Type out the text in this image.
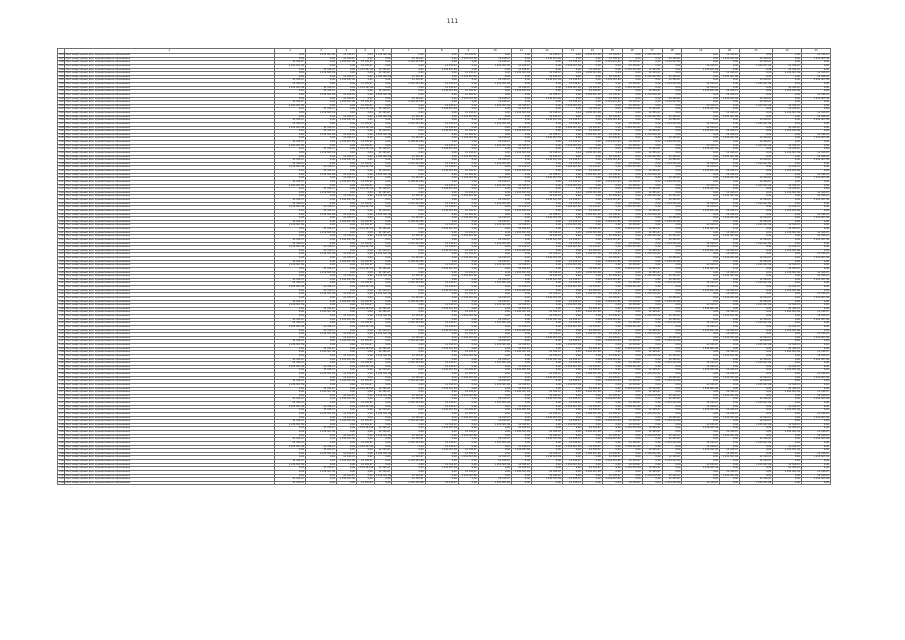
111
	1	2	3	4	5	6	7	8	9	10	11	12	13	14	15	16	17	18	19	20	21	22	23
4078	Многоквартирный дом, муниципальное образование	0,00	1 234 567,89	12 345,67	0,00	1 234 567,89	0,00	0,00	12 345,67	0,00	0,00	12 345,67	0,00	1 234 567,89	12 345,67	0,00	1 234 567,89	0,00	0,00	12 345,67	0,00	0,00	12 345,67
4079	Многоквартирный дом, муниципальное образование	0,00	0,00	12 345,67	0,00	0,00	12 345,67	0,00	1 234 567,89	12 345,67	0,00	1 234 567,89	0,00	0,00	12 345,67	0,00	0,00	12 345,67	0,00	1 234 567,89	12 345,67	0,00	1 234 567,89
4080	Многоквартирный дом, муниципальное образование	12 345,67	0,00	1 234 567,89	12 345,67	0,00	1 234 567,89	0,00	0,00	12 345,67	0,00	0,00	12 345,67	0,00	1 234 567,89	12 345,67	0,00	1 234 567,89	0,00	0,00	12 345,67	0,00	0,00
4081	Многоквартирный дом, муниципальное образование	1 234 567,89	0,00	0,00	12 345,67	0,00	0,00	12 345,67	0,00	1 234 567,89	12 345,67	0,00	1 234 567,89	0,00	0,00	12 345,67	0,00	0,00	12 345,67	0,00	1 234 567,89	12 345,67	0,00
4082	Многоквартирный дом, муниципальное образование	0,00	12 345,67	0,00	1 234 567,89	12 345,67	0,00	1 234 567,89	0,00	0,00	12 345,67	0,00	0,00	12 345,67	0,00	1 234 567,89	12 345,67	0,00	1 234 567,89	0,00	0,00	12 345,67	0,00
4083	Многоквартирный дом, муниципальное образование	0,00	1 234 567,89	0,00	0,00	12 345,67	0,00	0,00	12 345,67	0,00	1 234 567,89	12 345,67	0,00	1 234 567,89	0,00	0,00	12 345,67	0,00	0,00	12 345,67	0,00	1 234 567,89	12 345,67
4084	Многоквартирный дом, муниципальное образование	0,00	0,00	12 345,67	0,00	1 234 567,89	12 345,67	0,00	1 234 567,89	0,00	0,00	12 345,67	0,00	0,00	12 345,67	0,00	1 234 567,89	12 345,67	0,00	1 234 567,89	0,00	0,00	12 345,67
4085	Многоквартирный дом, муниципальное образование	12 345,67	0,00	1 234 567,89	0,00	0,00	12 345,67	0,00	0,00	12 345,67	0,00	1 234 567,89	12 345,67	0,00	1 234 567,89	0,00	0,00	12 345,67	0,00	0,00	12 345,67	0,00	1 234 567,89
4086	Многоквартирный дом, муниципальное образование	12 345,67	0,00	0,00	12 345,67	0,00	1 234 567,89	12 345,67	0,00	1 234 567,89	0,00	0,00	12 345,67	0,00	0,00	12 345,67	0,00	1 234 567,89	12 345,67	0,00	1 234 567,89	0,00	0,00
4087	Многоквартирный дом, муниципальное образование	1 234 567,89	12 345,67	0,00	1 234 567,89	0,00	0,00	12 345,67	0,00	0,00	12 345,67	0,00	1 234 567,89	12 345,67	0,00	1 234 567,89	0,00	0,00	12 345,67	0,00	0,00	12 345,67	0,00
4088	Многоквартирный дом, муниципальное образование	0,00	12 345,67	0,00	0,00	12 345,67	0,00	1 234 567,89	12 345,67	0,00	1 234 567,89	0,00	0,00	12 345,67	0,00	0,00	12 345,67	0,00	1 234 567,89	12 345,67	0,00	1 234 567,89	0,00
4089	Многоквартирный дом, муниципальное образование	0,00	1 234 567,89	12 345,67	0,00	1 234 567,89	0,00	0,00	12 345,67	0,00	0,00	12 345,67	0,00	1 234 567,89	12 345,67	0,00	1 234 567,89	0,00	0,00	12 345,67	0,00	0,00	12 345,67
4090	Многоквартирный дом, муниципальное образование	0,00	0,00	12 345,67	0,00	0,00	12 345,67	0,00	1 234 567,89	12 345,67	0,00	1 234 567,89	0,00	0,00	12 345,67	0,00	0,00	12 345,67	0,00	1 234 567,89	12 345,67	0,00	1 234 567,89
4091	Многоквартирный дом, муниципальное образование	12 345,67	0,00	1 234 567,89	12 345,67	0,00	1 234 567,89	0,00	0,00	12 345,67	0,00	0,00	12 345,67	0,00	1 234 567,89	12 345,67	0,00	1 234 567,89	0,00	0,00	12 345,67	0,00	0,00
4092	Многоквартирный дом, муниципальное образование	1 234 567,89	0,00	0,00	12 345,67	0,00	0,00	12 345,67	0,00	1 234 567,89	12 345,67	0,00	1 234 567,89	0,00	0,00	12 345,67	0,00	0,00	12 345,67	0,00	1 234 567,89	12 345,67	0,00
4093	Многоквартирный дом, муниципальное образование	0,00	12 345,67	0,00	1 234 567,89	12 345,67	0,00	1 234 567,89	0,00	0,00	12 345,67	0,00	0,00	12 345,67	0,00	1 234 567,89	12 345,67	0,00	1 234 567,89	0,00	0,00	12 345,67	0,00
4094	Многоквартирный дом, муниципальное образование	0,00	1 234 567,89	0,00	0,00	12 345,67	0,00	0,00	12 345,67	0,00	1 234 567,89	12 345,67	0,00	1 234 567,89	0,00	0,00	12 345,67	0,00	0,00	12 345,67	0,00	1 234 567,89	12 345,67
4095	Многоквартирный дом, муниципальное образование	0,00	0,00	12 345,67	0,00	1 234 567,89	12 345,67	0,00	1 234 567,89	0,00	0,00	12 345,67	0,00	0,00	12 345,67	0,00	1 234 567,89	12 345,67	0,00	1 234 567,89	0,00	0,00	12 345,67
4096	Многоквартирный дом, муниципальное образование	12 345,67	0,00	1 234 567,89	0,00	0,00	12 345,67	0,00	0,00	12 345,67	0,00	1 234 567,89	12 345,67	0,00	1 234 567,89	0,00	0,00	12 345,67	0,00	0,00	12 345,67	0,00	1 234 567,89
4097	Многоквартирный дом, муниципальное образование	12 345,67	0,00	0,00	12 345,67	0,00	1 234 567,89	12 345,67	0,00	1 234 567,89	0,00	0,00	12 345,67	0,00	0,00	12 345,67	0,00	1 234 567,89	12 345,67	0,00	1 234 567,89	0,00	0,00
4098	Многоквартирный дом, муниципальное образование	1 234 567,89	12 345,67	0,00	1 234 567,89	0,00	0,00	12 345,67	0,00	0,00	12 345,67	0,00	1 234 567,89	12 345,67	0,00	1 234 567,89	0,00	0,00	12 345,67	0,00	0,00	12 345,67	0,00
4099	Многоквартирный дом, муниципальное образование	0,00	12 345,67	0,00	0,00	12 345,67	0,00	1 234 567,89	12 345,67	0,00	1 234 567,89	0,00	0,00	12 345,67	0,00	0,00	12 345,67	0,00	1 234 567,89	12 345,67	0,00	1 234 567,89	0,00
4100	Многоквартирный дом, муниципальное образование	0,00	1 234 567,89	12 345,67	0,00	1 234 567,89	0,00	0,00	12 345,67	0,00	0,00	12 345,67	0,00	1 234 567,89	12 345,67	0,00	1 234 567,89	0,00	0,00	12 345,67	0,00	0,00	12 345,67
4101	Многоквартирный дом, муниципальное образование	0,00	0,00	12 345,67	0,00	0,00	12 345,67	0,00	1 234 567,89	12 345,67	0,00	1 234 567,89	0,00	0,00	12 345,67	0,00	0,00	12 345,67	0,00	1 234 567,89	12 345,67	0,00	1 234 567,89
4102	Многоквартирный дом, муниципальное образование	12 345,67	0,00	1 234 567,89	12 345,67	0,00	1 234 567,89	0,00	0,00	12 345,67	0,00	0,00	12 345,67	0,00	1 234 567,89	12 345,67	0,00	1 234 567,89	0,00	0,00	12 345,67	0,00	0,00
4103	Многоквартирный дом, муниципальное образование	1 234 567,89	0,00	0,00	12 345,67	0,00	0,00	12 345,67	0,00	1 234 567,89	12 345,67	0,00	1 234 567,89	0,00	0,00	12 345,67	0,00	0,00	12 345,67	0,00	1 234 567,89	12 345,67	0,00
4104	Многоквартирный дом, муниципальное образование	0,00	12 345,67	0,00	1 234 567,89	12 345,67	0,00	1 234 567,89	0,00	0,00	12 345,67	0,00	0,00	12 345,67	0,00	1 234 567,89	12 345,67	0,00	1 234 567,89	0,00	0,00	12 345,67	0,00
4105	Многоквартирный дом, муниципальное образование	0,00	1 234 567,89	0,00	0,00	12 345,67	0,00	0,00	12 345,67	0,00	1 234 567,89	12 345,67	0,00	1 234 567,89	0,00	0,00	12 345,67	0,00	0,00	12 345,67	0,00	1 234 567,89	12 345,67
4106	Многоквартирный дом, муниципальное образование	0,00	0,00	12 345,67	0,00	1 234 567,89	12 345,67	0,00	1 234 567,89	0,00	0,00	12 345,67	0,00	0,00	12 345,67	0,00	1 234 567,89	12 345,67	0,00	1 234 567,89	0,00	0,00	12 345,67
4107	Многоквартирный дом, муниципальное образование	12 345,67	0,00	1 234 567,89	0,00	0,00	12 345,67	0,00	0,00	12 345,67	0,00	1 234 567,89	12 345,67	0,00	1 234 567,89	0,00	0,00	12 345,67	0,00	0,00	12 345,67	0,00	1 234 567,89
4108	Многоквартирный дом, муниципальное образование	12 345,67	0,00	0,00	12 345,67	0,00	1 234 567,89	12 345,67	0,00	1 234 567,89	0,00	0,00	12 345,67	0,00	0,00	12 345,67	0,00	1 234 567,89	12 345,67	0,00	1 234 567,89	0,00	0,00
4109	Многоквартирный дом, муниципальное образование	1 234 567,89	12 345,67	0,00	1 234 567,89	0,00	0,00	12 345,67	0,00	0,00	12 345,67	0,00	1 234 567,89	12 345,67	0,00	1 234 567,89	0,00	0,00	12 345,67	0,00	0,00	12 345,67	0,00
4110	Многоквартирный дом, муниципальное образование	0,00	12 345,67	0,00	0,00	12 345,67	0,00	1 234 567,89	12 345,67	0,00	1 234 567,89	0,00	0,00	12 345,67	0,00	0,00	12 345,67	0,00	1 234 567,89	12 345,67	0,00	1 234 567,89	0,00
4111	Многоквартирный дом, муниципальное образование	0,00	1 234 567,89	12 345,67	0,00	1 234 567,89	0,00	0,00	12 345,67	0,00	0,00	12 345,67	0,00	1 234 567,89	12 345,67	0,00	1 234 567,89	0,00	0,00	12 345,67	0,00	0,00	12 345,67
4112	Многоквартирный дом, муниципальное образование	0,00	0,00	12 345,67	0,00	0,00	12 345,67	0,00	1 234 567,89	12 345,67	0,00	1 234 567,89	0,00	0,00	12 345,67	0,00	0,00	12 345,67	0,00	1 234 567,89	12 345,67	0,00	1 234 567,89
4113	Многоквартирный дом, муниципальное образование	12 345,67	0,00	1 234 567,89	12 345,67	0,00	1 234 567,89	0,00	0,00	12 345,67	0,00	0,00	12 345,67	0,00	1 234 567,89	12 345,67	0,00	1 234 567,89	0,00	0,00	12 345,67	0,00	0,00
4114	Многоквартирный дом, муниципальное образование	1 234 567,89	0,00	0,00	12 345,67	0,00	0,00	12 345,67	0,00	1 234 567,89	12 345,67	0,00	1 234 567,89	0,00	0,00	12 345,67	0,00	0,00	12 345,67	0,00	1 234 567,89	12 345,67	0,00
4115	Многоквартирный дом, муниципальное образование	0,00	12 345,67	0,00	1 234 567,89	12 345,67	0,00	1 234 567,89	0,00	0,00	12 345,67	0,00	0,00	12 345,67	0,00	1 234 567,89	12 345,67	0,00	1 234 567,89	0,00	0,00	12 345,67	0,00
4116	Многоквартирный дом, муниципальное образование	0,00	1 234 567,89	0,00	0,00	12 345,67	0,00	0,00	12 345,67	0,00	1 234 567,89	12 345,67	0,00	1 234 567,89	0,00	0,00	12 345,67	0,00	0,00	12 345,67	0,00	1 234 567,89	12 345,67
4117	Многоквартирный дом, муниципальное образование	0,00	0,00	12 345,67	0,00	1 234 567,89	12 345,67	0,00	1 234 567,89	0,00	0,00	12 345,67	0,00	0,00	12 345,67	0,00	1 234 567,89	12 345,67	0,00	1 234 567,89	0,00	0,00	12 345,67
4118	Многоквартирный дом, муниципальное образование	12 345,67	0,00	1 234 567,89	0,00	0,00	12 345,67	0,00	0,00	12 345,67	0,00	1 234 567,89	12 345,67	0,00	1 234 567,89	0,00	0,00	12 345,67	0,00	0,00	12 345,67	0,00	1 234 567,89
4119	Многоквартирный дом, муниципальное образование	12 345,67	0,00	0,00	12 345,67	0,00	1 234 567,89	12 345,67	0,00	1 234 567,89	0,00	0,00	12 345,67	0,00	0,00	12 345,67	0,00	1 234 567,89	12 345,67	0,00	1 234 567,89	0,00	0,00
4120	Многоквартирный дом, муниципальное образование	1 234 567,89	12 345,67	0,00	1 234 567,89	0,00	0,00	12 345,67	0,00	0,00	12 345,67	0,00	1 234 567,89	12 345,67	0,00	1 234 567,89	0,00	0,00	12 345,67	0,00	0,00	12 345,67	0,00
4121	Многоквартирный дом, муниципальное образование	0,00	12 345,67	0,00	0,00	12 345,67	0,00	1 234 567,89	12 345,67	0,00	1 234 567,89	0,00	0,00	12 345,67	0,00	0,00	12 345,67	0,00	1 234 567,89	12 345,67	0,00	1 234 567,89	0,00
4122	Многоквартирный дом, муниципальное образование	0,00	1 234 567,89	12 345,67	0,00	1 234 567,89	0,00	0,00	12 345,67	0,00	0,00	12 345,67	0,00	1 234 567,89	12 345,67	0,00	1 234 567,89	0,00	0,00	12 345,67	0,00	0,00	12 345,67
4123	Многоквартирный дом, муниципальное образование	0,00	0,00	12 345,67	0,00	0,00	12 345,67	0,00	1 234 567,89	12 345,67	0,00	1 234 567,89	0,00	0,00	12 345,67	0,00	0,00	12 345,67	0,00	1 234 567,89	12 345,67	0,00	1 234 567,89
4124	Многоквартирный дом, муниципальное образование	12 345,67	0,00	1 234 567,89	12 345,67	0,00	1 234 567,89	0,00	0,00	12 345,67	0,00	0,00	12 345,67	0,00	1 234 567,89	12 345,67	0,00	1 234 567,89	0,00	0,00	12 345,67	0,00	0,00
4125	Многоквартирный дом, муниципальное образование	1 234 567,89	0,00	0,00	12 345,67	0,00	0,00	12 345,67	0,00	1 234 567,89	12 345,67	0,00	1 234 567,89	0,00	0,00	12 345,67	0,00	0,00	12 345,67	0,00	1 234 567,89	12 345,67	0,00
4126	Многоквартирный дом, муниципальное образование	0,00	12 345,67	0,00	1 234 567,89	12 345,67	0,00	1 234 567,89	0,00	0,00	12 345,67	0,00	0,00	12 345,67	0,00	1 234 567,89	12 345,67	0,00	1 234 567,89	0,00	0,00	12 345,67	0,00
4127	Многоквартирный дом, муниципальное образование	0,00	1 234 567,89	0,00	0,00	12 345,67	0,00	0,00	12 345,67	0,00	1 234 567,89	12 345,67	0,00	1 234 567,89	0,00	0,00	12 345,67	0,00	0,00	12 345,67	0,00	1 234 567,89	12 345,67
4128	Многоквартирный дом, муниципальное образование	0,00	0,00	12 345,67	0,00	1 234 567,89	12 345,67	0,00	1 234 567,89	0,00	0,00	12 345,67	0,00	0,00	12 345,67	0,00	1 234 567,89	12 345,67	0,00	1 234 567,89	0,00	0,00	12 345,67
4129	Многоквартирный дом, муниципальное образование	12 345,67	0,00	1 234 567,89	0,00	0,00	12 345,67	0,00	0,00	12 345,67	0,00	1 234 567,89	12 345,67	0,00	1 234 567,89	0,00	0,00	12 345,67	0,00	0,00	12 345,67	0,00	1 234 567,89
4130	Многоквартирный дом, муниципальное образование	12 345,67	0,00	0,00	12 345,67	0,00	1 234 567,89	12 345,67	0,00	1 234 567,89	0,00	0,00	12 345,67	0,00	0,00	12 345,67	0,00	1 234 567,89	12 345,67	0,00	1 234 567,89	0,00	0,00
4131	Многоквартирный дом, муниципальное образование	1 234 567,89	12 345,67	0,00	1 234 567,89	0,00	0,00	12 345,67	0,00	0,00	12 345,67	0,00	1 234 567,89	12 345,67	0,00	1 234 567,89	0,00	0,00	12 345,67	0,00	0,00	12 345,67	0,00
4132	Многоквартирный дом, муниципальное образование	0,00	12 345,67	0,00	0,00	12 345,67	0,00	1 234 567,89	12 345,67	0,00	1 234 567,89	0,00	0,00	12 345,67	0,00	0,00	12 345,67	0,00	1 234 567,89	12 345,67	0,00	1 234 567,89	0,00
4133	Многоквартирный дом, муниципальное образование	0,00	1 234 567,89	12 345,67	0,00	1 234 567,89	0,00	0,00	12 345,67	0,00	0,00	12 345,67	0,00	1 234 567,89	12 345,67	0,00	1 234 567,89	0,00	0,00	12 345,67	0,00	0,00	12 345,67
4134	Многоквартирный дом, муниципальное образование	0,00	0,00	12 345,67	0,00	0,00	12 345,67	0,00	1 234 567,89	12 345,67	0,00	1 234 567,89	0,00	0,00	12 345,67	0,00	0,00	12 345,67	0,00	1 234 567,89	12 345,67	0,00	1 234 567,89
4135	Многоквартирный дом, муниципальное образование	12 345,67	0,00	1 234 567,89	12 345,67	0,00	1 234 567,89	0,00	0,00	12 345,67	0,00	0,00	12 345,67	0,00	1 234 567,89	12 345,67	0,00	1 234 567,89	0,00	0,00	12 345,67	0,00	0,00
4136	Многоквартирный дом, муниципальное образование	1 234 567,89	0,00	0,00	12 345,67	0,00	0,00	12 345,67	0,00	1 234 567,89	12 345,67	0,00	1 234 567,89	0,00	0,00	12 345,67	0,00	0,00	12 345,67	0,00	1 234 567,89	12 345,67	0,00
4137	Многоквартирный дом, муниципальное образование	0,00	12 345,67	0,00	1 234 567,89	12 345,67	0,00	1 234 567,89	0,00	0,00	12 345,67	0,00	0,00	12 345,67	0,00	1 234 567,89	12 345,67	0,00	1 234 567,89	0,00	0,00	12 345,67	0,00
4138	Многоквартирный дом, муниципальное образование	0,00	1 234 567,89	0,00	0,00	12 345,67	0,00	0,00	12 345,67	0,00	1 234 567,89	12 345,67	0,00	1 234 567,89	0,00	0,00	12 345,67	0,00	0,00	12 345,67	0,00	1 234 567,89	12 345,67
4139	Многоквартирный дом, муниципальное образование	0,00	0,00	12 345,67	0,00	1 234 567,89	12 345,67	0,00	1 234 567,89	0,00	0,00	12 345,67	0,00	0,00	12 345,67	0,00	1 234 567,89	12 345,67	0,00	1 234 567,89	0,00	0,00	12 345,67
4140	Многоквартирный дом, муниципальное образование	12 345,67	0,00	1 234 567,89	0,00	0,00	12 345,67	0,00	0,00	12 345,67	0,00	1 234 567,89	12 345,67	0,00	1 234 567,89	0,00	0,00	12 345,67	0,00	0,00	12 345,67	0,00	1 234 567,89
4141	Многоквартирный дом, муниципальное образование	12 345,67	0,00	0,00	12 345,67	0,00	1 234 567,89	12 345,67	0,00	1 234 567,89	0,00	0,00	12 345,67	0,00	0,00	12 345,67	0,00	1 234 567,89	12 345,67	0,00	1 234 567,89	0,00	0,00
4142	Многоквартирный дом, муниципальное образование	1 234 567,89	12 345,67	0,00	1 234 567,89	0,00	0,00	12 345,67	0,00	0,00	12 345,67	0,00	1 234 567,89	12 345,67	0,00	1 234 567,89	0,00	0,00	12 345,67	0,00	0,00	12 345,67	0,00
4143	Многоквартирный дом, муниципальное образование	0,00	12 345,67	0,00	0,00	12 345,67	0,00	1 234 567,89	12 345,67	0,00	1 234 567,89	0,00	0,00	12 345,67	0,00	0,00	12 345,67	0,00	1 234 567,89	12 345,67	0,00	1 234 567,89	0,00
4144	Многоквартирный дом, муниципальное образование	0,00	1 234 567,89	12 345,67	0,00	1 234 567,89	0,00	0,00	12 345,67	0,00	0,00	12 345,67	0,00	1 234 567,89	12 345,67	0,00	1 234 567,89	0,00	0,00	12 345,67	0,00	0,00	12 345,67
4145	Многоквартирный дом, муниципальное образование	0,00	0,00	12 345,67	0,00	0,00	12 345,67	0,00	1 234 567,89	12 345,67	0,00	1 234 567,89	0,00	0,00	12 345,67	0,00	0,00	12 345,67	0,00	1 234 567,89	12 345,67	0,00	1 234 567,89
4146	Многоквартирный дом, муниципальное образование	12 345,67	0,00	1 234 567,89	12 345,67	0,00	1 234 567,89	0,00	0,00	12 345,67	0,00	0,00	12 345,67	0,00	1 234 567,89	12 345,67	0,00	1 234 567,89	0,00	0,00	12 345,67	0,00	0,00
4147	Многоквартирный дом, муниципальное образование	1 234 567,89	0,00	0,00	12 345,67	0,00	0,00	12 345,67	0,00	1 234 567,89	12 345,67	0,00	1 234 567,89	0,00	0,00	12 345,67	0,00	0,00	12 345,67	0,00	1 234 567,89	12 345,67	0,00
4148	Многоквартирный дом, муниципальное образование	0,00	12 345,67	0,00	1 234 567,89	12 345,67	0,00	1 234 567,89	0,00	0,00	12 345,67	0,00	0,00	12 345,67	0,00	1 234 567,89	12 345,67	0,00	1 234 567,89	0,00	0,00	12 345,67	0,00
4149	Многоквартирный дом, муниципальное образование	0,00	1 234 567,89	0,00	0,00	12 345,67	0,00	0,00	12 345,67	0,00	1 234 567,89	12 345,67	0,00	1 234 567,89	0,00	0,00	12 345,67	0,00	0,00	12 345,67	0,00	1 234 567,89	12 345,67
4150	Многоквартирный дом, муниципальное образование	0,00	0,00	12 345,67	0,00	1 234 567,89	12 345,67	0,00	1 234 567,89	0,00	0,00	12 345,67	0,00	0,00	12 345,67	0,00	1 234 567,89	12 345,67	0,00	1 234 567,89	0,00	0,00	12 345,67
4151	Многоквартирный дом, муниципальное образование	12 345,67	0,00	1 234 567,89	0,00	0,00	12 345,67	0,00	0,00	12 345,67	0,00	1 234 567,89	12 345,67	0,00	1 234 567,89	0,00	0,00	12 345,67	0,00	0,00	12 345,67	0,00	1 234 567,89
4152	Многоквартирный дом, муниципальное образование	12 345,67	0,00	0,00	12 345,67	0,00	1 234 567,89	12 345,67	0,00	1 234 567,89	0,00	0,00	12 345,67	0,00	0,00	12 345,67	0,00	1 234 567,89	12 345,67	0,00	1 234 567,89	0,00	0,00
4153	Многоквартирный дом, муниципальное образование	1 234 567,89	12 345,67	0,00	1 234 567,89	0,00	0,00	12 345,67	0,00	0,00	12 345,67	0,00	1 234 567,89	12 345,67	0,00	1 234 567,89	0,00	0,00	12 345,67	0,00	0,00	12 345,67	0,00
4154	Многоквартирный дом, муниципальное образование	0,00	12 345,67	0,00	0,00	12 345,67	0,00	1 234 567,89	12 345,67	0,00	1 234 567,89	0,00	0,00	12 345,67	0,00	0,00	12 345,67	0,00	1 234 567,89	12 345,67	0,00	1 234 567,89	0,00
4155	Многоквартирный дом, муниципальное образование	0,00	1 234 567,89	12 345,67	0,00	1 234 567,89	0,00	0,00	12 345,67	0,00	0,00	12 345,67	0,00	1 234 567,89	12 345,67	0,00	1 234 567,89	0,00	0,00	12 345,67	0,00	0,00	12 345,67
4156	Многоквартирный дом, муниципальное образование	0,00	0,00	12 345,67	0,00	0,00	12 345,67	0,00	1 234 567,89	12 345,67	0,00	1 234 567,89	0,00	0,00	12 345,67	0,00	0,00	12 345,67	0,00	1 234 567,89	12 345,67	0,00	1 234 567,89
4157	Многоквартирный дом, муниципальное образование	12 345,67	0,00	1 234 567,89	12 345,67	0,00	1 234 567,89	0,00	0,00	12 345,67	0,00	0,00	12 345,67	0,00	1 234 567,89	12 345,67	0,00	1 234 567,89	0,00	0,00	12 345,67	0,00	0,00
4158	Многоквартирный дом, муниципальное образование	1 234 567,89	0,00	0,00	12 345,67	0,00	0,00	12 345,67	0,00	1 234 567,89	12 345,67	0,00	1 234 567,89	0,00	0,00	12 345,67	0,00	0,00	12 345,67	0,00	1 234 567,89	12 345,67	0,00
4159	Многоквартирный дом, муниципальное образование	0,00	12 345,67	0,00	1 234 567,89	12 345,67	0,00	1 234 567,89	0,00	0,00	12 345,67	0,00	0,00	12 345,67	0,00	1 234 567,89	12 345,67	0,00	1 234 567,89	0,00	0,00	12 345,67	0,00
4160	Многоквартирный дом, муниципальное образование	0,00	1 234 567,89	0,00	0,00	12 345,67	0,00	0,00	12 345,67	0,00	1 234 567,89	12 345,67	0,00	1 234 567,89	0,00	0,00	12 345,67	0,00	0,00	12 345,67	0,00	1 234 567,89	12 345,67
4161	Многоквартирный дом, муниципальное образование	0,00	0,00	12 345,67	0,00	1 234 567,89	12 345,67	0,00	1 234 567,89	0,00	0,00	12 345,67	0,00	0,00	12 345,67	0,00	1 234 567,89	12 345,67	0,00	1 234 567,89	0,00	0,00	12 345,67
4162	Многоквартирный дом, муниципальное образование	12 345,67	0,00	1 234 567,89	0,00	0,00	12 345,67	0,00	0,00	12 345,67	0,00	1 234 567,89	12 345,67	0,00	1 234 567,89	0,00	0,00	12 345,67	0,00	0,00	12 345,67	0,00	1 234 567,89
4163	Многоквартирный дом, муниципальное образование	12 345,67	0,00	0,00	12 345,67	0,00	1 234 567,89	12 345,67	0,00	1 234 567,89	0,00	0,00	12 345,67	0,00	0,00	12 345,67	0,00	1 234 567,89	12 345,67	0,00	1 234 567,89	0,00	0,00
4164	Многоквартирный дом, муниципальное образование	1 234 567,89	12 345,67	0,00	1 234 567,89	0,00	0,00	12 345,67	0,00	0,00	12 345,67	0,00	1 234 567,89	12 345,67	0,00	1 234 567,89	0,00	0,00	12 345,67	0,00	0,00	12 345,67	0,00
4165	Многоквартирный дом, муниципальное образование	0,00	12 345,67	0,00	0,00	12 345,67	0,00	1 234 567,89	12 345,67	0,00	1 234 567,89	0,00	0,00	12 345,67	0,00	0,00	12 345,67	0,00	1 234 567,89	12 345,67	0,00	1 234 567,89	0,00
4166	Многоквартирный дом, муниципальное образование	0,00	1 234 567,89	12 345,67	0,00	1 234 567,89	0,00	0,00	12 345,67	0,00	0,00	12 345,67	0,00	1 234 567,89	12 345,67	0,00	1 234 567,89	0,00	0,00	12 345,67	0,00	0,00	12 345,67
4167	Многоквартирный дом, муниципальное образование	0,00	0,00	12 345,67	0,00	0,00	12 345,67	0,00	1 234 567,89	12 345,67	0,00	1 234 567,89	0,00	0,00	12 345,67	0,00	0,00	12 345,67	0,00	1 234 567,89	12 345,67	0,00	1 234 567,89
4168	Многоквартирный дом, муниципальное образование	12 345,67	0,00	1 234 567,89	12 345,67	0,00	1 234 567,89	0,00	0,00	12 345,67	0,00	0,00	12 345,67	0,00	1 234 567,89	12 345,67	0,00	1 234 567,89	0,00	0,00	12 345,67	0,00	0,00
4169	Многоквартирный дом, муниципальное образование	1 234 567,89	0,00	0,00	12 345,67	0,00	0,00	12 345,67	0,00	1 234 567,89	12 345,67	0,00	1 234 567,89	0,00	0,00	12 345,67	0,00	0,00	12 345,67	0,00	1 234 567,89	12 345,67	0,00
4170	Многоквартирный дом, муниципальное образование	0,00	12 345,67	0,00	1 234 567,89	12 345,67	0,00	1 234 567,89	0,00	0,00	12 345,67	0,00	0,00	12 345,67	0,00	1 234 567,89	12 345,67	0,00	1 234 567,89	0,00	0,00	12 345,67	0,00
4171	Многоквартирный дом, муниципальное образование	0,00	1 234 567,89	0,00	0,00	12 345,67	0,00	0,00	12 345,67	0,00	1 234 567,89	12 345,67	0,00	1 234 567,89	0,00	0,00	12 345,67	0,00	0,00	12 345,67	0,00	1 234 567,89	12 345,67
4172	Многоквартирный дом, муниципальное образование	0,00	0,00	12 345,67	0,00	1 234 567,89	12 345,67	0,00	1 234 567,89	0,00	0,00	12 345,67	0,00	0,00	12 345,67	0,00	1 234 567,89	12 345,67	0,00	1 234 567,89	0,00	0,00	12 345,67
4173	Многоквартирный дом, муниципальное образование	12 345,67	0,00	1 234 567,89	0,00	0,00	12 345,67	0,00	0,00	12 345,67	0,00	1 234 567,89	12 345,67	0,00	1 234 567,89	0,00	0,00	12 345,67	0,00	0,00	12 345,67	0,00	1 234 567,89
4174	Многоквартирный дом, муниципальное образование	12 345,67	0,00	0,00	12 345,67	0,00	1 234 567,89	12 345,67	0,00	1 234 567,89	0,00	0,00	12 345,67	0,00	0,00	12 345,67	0,00	1 234 567,89	12 345,67	0,00	1 234 567,89	0,00	0,00
4175	Многоквартирный дом, муниципальное образование	1 234 567,89	12 345,67	0,00	1 234 567,89	0,00	0,00	12 345,67	0,00	0,00	12 345,67	0,00	1 234 567,89	12 345,67	0,00	1 234 567,89	0,00	0,00	12 345,67	0,00	0,00	12 345,67	0,00
4176	Многоквартирный дом, муниципальное образование	0,00	12 345,67	0,00	0,00	12 345,67	0,00	1 234 567,89	12 345,67	0,00	1 234 567,89	0,00	0,00	12 345,67	0,00	0,00	12 345,67	0,00	1 234 567,89	12 345,67	0,00	1 234 567,89	0,00
4177	Многоквартирный дом, муниципальное образование	0,00	1 234 567,89	12 345,67	0,00	1 234 567,89	0,00	0,00	12 345,67	0,00	0,00	12 345,67	0,00	1 234 567,89	12 345,67	0,00	1 234 567,89	0,00	0,00	12 345,67	0,00	0,00	12 345,67
4178	Многоквартирный дом, муниципальное образование	0,00	0,00	12 345,67	0,00	0,00	12 345,67	0,00	1 234 567,89	12 345,67	0,00	1 234 567,89	0,00	0,00	12 345,67	0,00	0,00	12 345,67	0,00	1 234 567,89	12 345,67	0,00	1 234 567,89
4179	Многоквартирный дом, муниципальное образование	12 345,67	0,00	1 234 567,89	12 345,67	0,00	1 234 567,89	0,00	0,00	12 345,67	0,00	0,00	12 345,67	0,00	1 234 567,89	12 345,67	0,00	1 234 567,89	0,00	0,00	12 345,67	0,00	0,00
4180	Многоквартирный дом, муниципальное образование	1 234 567,89	0,00	0,00	12 345,67	0,00	0,00	12 345,67	0,00	1 234 567,89	12 345,67	0,00	1 234 567,89	0,00	0,00	12 345,67	0,00	0,00	12 345,67	0,00	1 234 567,89	12 345,67	0,00
4181	Многоквартирный дом, муниципальное образование	0,00	12 345,67	0,00	1 234 567,89	12 345,67	0,00	1 234 567,89	0,00	0,00	12 345,67	0,00	0,00	12 345,67	0,00	1 234 567,89	12 345,67	0,00	1 234 567,89	0,00	0,00	12 345,67	0,00
4182	Многоквартирный дом, муниципальное образование	0,00	1 234 567,89	0,00	0,00	12 345,67	0,00	0,00	12 345,67	0,00	1 234 567,89	12 345,67	0,00	1 234 567,89	0,00	0,00	12 345,67	0,00	0,00	12 345,67	0,00	1 234 567,89	12 345,67
4183	Многоквартирный дом, муниципальное образование	0,00	0,00	12 345,67	0,00	1 234 567,89	12 345,67	0,00	1 234 567,89	0,00	0,00	12 345,67	0,00	0,00	12 345,67	0,00	1 234 567,89	12 345,67	0,00	1 234 567,89	0,00	0,00	12 345,67
4184	Многоквартирный дом, муниципальное образование	12 345,67	0,00	1 234 567,89	0,00	0,00	12 345,67	0,00	0,00	12 345,67	0,00	1 234 567,89	12 345,67	0,00	1 234 567,89	0,00	0,00	12 345,67	0,00	0,00	12 345,67	0,00	1 234 567,89
4185	Многоквартирный дом, муниципальное образование	12 345,67	0,00	0,00	12 345,67	0,00	1 234 567,89	12 345,67	0,00	1 234 567,89	0,00	0,00	12 345,67	0,00	0,00	12 345,67	0,00	1 234 567,89	12 345,67	0,00	1 234 567,89	0,00	0,00
4186	Многоквартирный дом, муниципальное образование	1 234 567,89	12 345,67	0,00	1 234 567,89	0,00	0,00	12 345,67	0,00	0,00	12 345,67	0,00	1 234 567,89	12 345,67	0,00	1 234 567,89	0,00	0,00	12 345,67	0,00	0,00	12 345,67	0,00
4187	Многоквартирный дом, муниципальное образование	0,00	12 345,67	0,00	0,00	12 345,67	0,00	1 234 567,89	12 345,67	0,00	1 234 567,89	0,00	0,00	12 345,67	0,00	0,00	12 345,67	0,00	1 234 567,89	12 345,67	0,00	1 234 567,89	0,00
4188	Многоквартирный дом, муниципальное образование	0,00	1 234 567,89	12 345,67	0,00	1 234 567,89	0,00	0,00	12 345,67	0,00	0,00	12 345,67	0,00	1 234 567,89	12 345,67	0,00	1 234 567,89	0,00	0,00	12 345,67	0,00	0,00	12 345,67
4189	Многоквартирный дом, муниципальное образование	0,00	0,00	12 345,67	0,00	0,00	12 345,67	0,00	1 234 567,89	12 345,67	0,00	1 234 567,89	0,00	0,00	12 345,67	0,00	0,00	12 345,67	0,00	1 234 567,89	12 345,67	0,00	1 234 567,89
4190	Многоквартирный дом, муниципальное образование	12 345,67	0,00	1 234 567,89	12 345,67	0,00	1 234 567,89	0,00	0,00	12 345,67	0,00	0,00	12 345,67	0,00	1 234 567,89	12 345,67	0,00	1 234 567,89	0,00	0,00	12 345,67	0,00	0,00
4191	Многоквартирный дом, муниципальное образование	1 234 567,89	0,00	0,00	12 345,67	0,00	0,00	12 345,67	0,00	1 234 567,89	12 345,67	0,00	1 234 567,89	0,00	0,00	12 345,67	0,00	0,00	12 345,67	0,00	1 234 567,89	12 345,67	0,00
4192	Многоквартирный дом, муниципальное образование	0,00	12 345,67	0,00	1 234 567,89	12 345,67	0,00	1 234 567,89	0,00	0,00	12 345,67	0,00	0,00	12 345,67	0,00	1 234 567,89	12 345,67	0,00	1 234 567,89	0,00	0,00	12 345,67	0,00
4193	Многоквартирный дом, муниципальное образование	0,00	1 234 567,89	0,00	0,00	12 345,67	0,00	0,00	12 345,67	0,00	1 234 567,89	12 345,67	0,00	1 234 567,89	0,00	0,00	12 345,67	0,00	0,00	12 345,67	0,00	1 234 567,89	12 345,67
4194	Многоквартирный дом, муниципальное образование	0,00	0,00	12 345,67	0,00	1 234 567,89	12 345,67	0,00	1 234 567,89	0,00	0,00	12 345,67	0,00	0,00	12 345,67	0,00	1 234 567,89	12 345,67	0,00	1 234 567,89	0,00	0,00	12 345,67
4195	Многоквартирный дом, муниципальное образование	12 345,67	0,00	1 234 567,89	0,00	0,00	12 345,67	0,00	0,00	12 345,67	0,00	1 234 567,89	12 345,67	0,00	1 234 567,89	0,00	0,00	12 345,67	0,00	0,00	12 345,67	0,00	1 234 567,89
4196	Многоквартирный дом, муниципальное образование	12 345,67	0,00	0,00	12 345,67	0,00	1 234 567,89	12 345,67	0,00	1 234 567,89	0,00	0,00	12 345,67	0,00	0,00	12 345,67	0,00	1 234 567,89	12 345,67	0,00	1 234 567,89	0,00	0,00
